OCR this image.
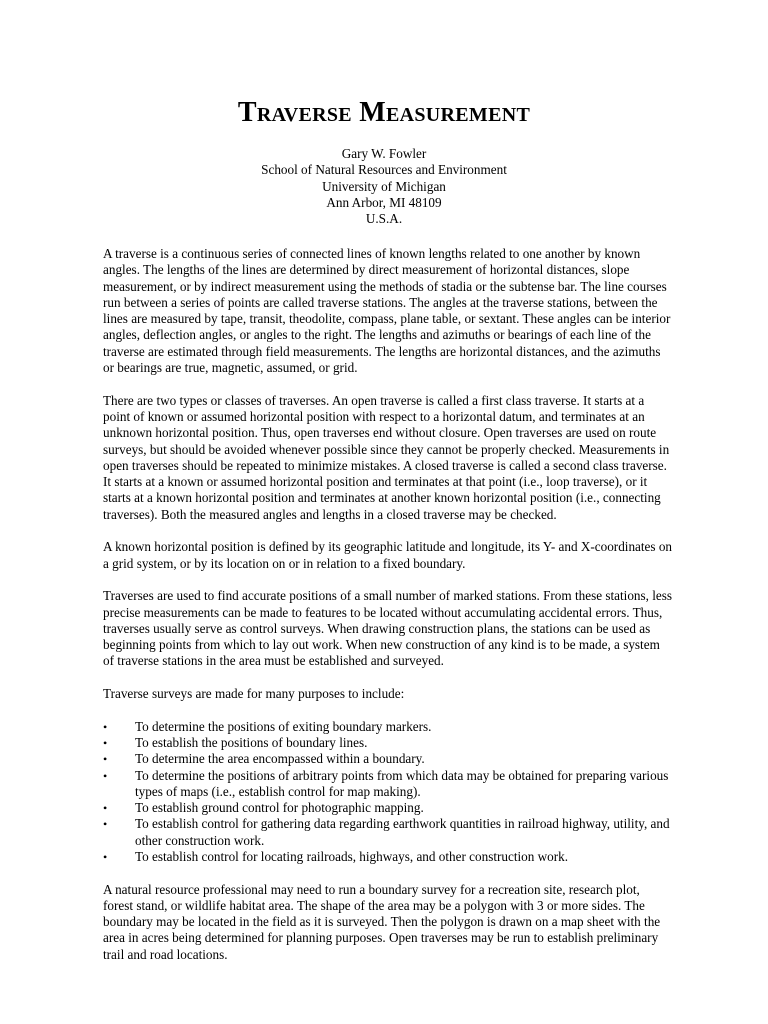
Traverse Measurement
Gary W. Fowler
School of Natural Resources and Environment
University of Michigan
Ann Arbor, MI 48109
U.S.A.

A traverse is a continuous series of connected lines of known lengths related to one another by known angles. The lengths of the lines are determined by direct measurement of horizontal distances, slope measurement, or by indirect measurement using the methods of stadia or the subtense bar. The line courses run between a series of points are called traverse stations. The angles at the traverse stations, between the lines are measured by tape, transit, theodolite, compass, plane table, or sextant. These angles can be interior angles, deflection angles, or angles to the right. The lengths and azimuths or bearings of each line of the traverse are estimated through field measurements. The lengths are horizontal distances, and the azimuths or bearings are true, magnetic, assumed, or grid.

There are two types or classes of traverses. An open traverse is called a first class traverse. It starts at a point of known or assumed horizontal position with respect to a horizontal datum, and terminates at an unknown horizontal position. Thus, open traverses end without closure. Open traverses are used on route surveys, but should be avoided whenever possible since they cannot be properly checked. Measurements in open traverses should be repeated to minimize mistakes. A closed traverse is called a second class traverse. It starts at a known or assumed horizontal position and terminates at that point (i.e., loop traverse), or it starts at a known horizontal position and terminates at another known horizontal position (i.e., connecting traverses). Both the measured angles and lengths in a closed traverse may be checked.

A known horizontal position is defined by its geographic latitude and longitude, its Y- and X-coordinates on a grid system, or by its location on or in relation to a fixed boundary.

Traverses are used to find accurate positions of a small number of marked stations. From these stations, less precise measurements can be made to features to be located without accumulating accidental errors. Thus, traverses usually serve as control surveys. When drawing construction plans, the stations can be used as beginning points from which to lay out work. When new construction of any kind is to be made, a system of traverse stations in the area must be established and surveyed.

Traverse surveys are made for many purposes to include:

• To determine the positions of exiting boundary markers.
• To establish the positions of boundary lines.
• To determine the area encompassed within a boundary.
• To determine the positions of arbitrary points from which data may be obtained for preparing various types of maps (i.e., establish control for map making).
• To establish ground control for photographic mapping.
• To establish control for gathering data regarding earthwork quantities in railroad highway, utility, and other construction work.
• To establish control for locating railroads, highways, and other construction work.

A natural resource professional may need to run a boundary survey for a recreation site, research plot, forest stand, or wildlife habitat area. The shape of the area may be a polygon with 3 or more sides. The boundary may be located in the field as it is surveyed. Then the polygon is drawn on a map sheet with the area in acres being determined for planning purposes. Open traverses may be run to establish preliminary trail and road locations.
